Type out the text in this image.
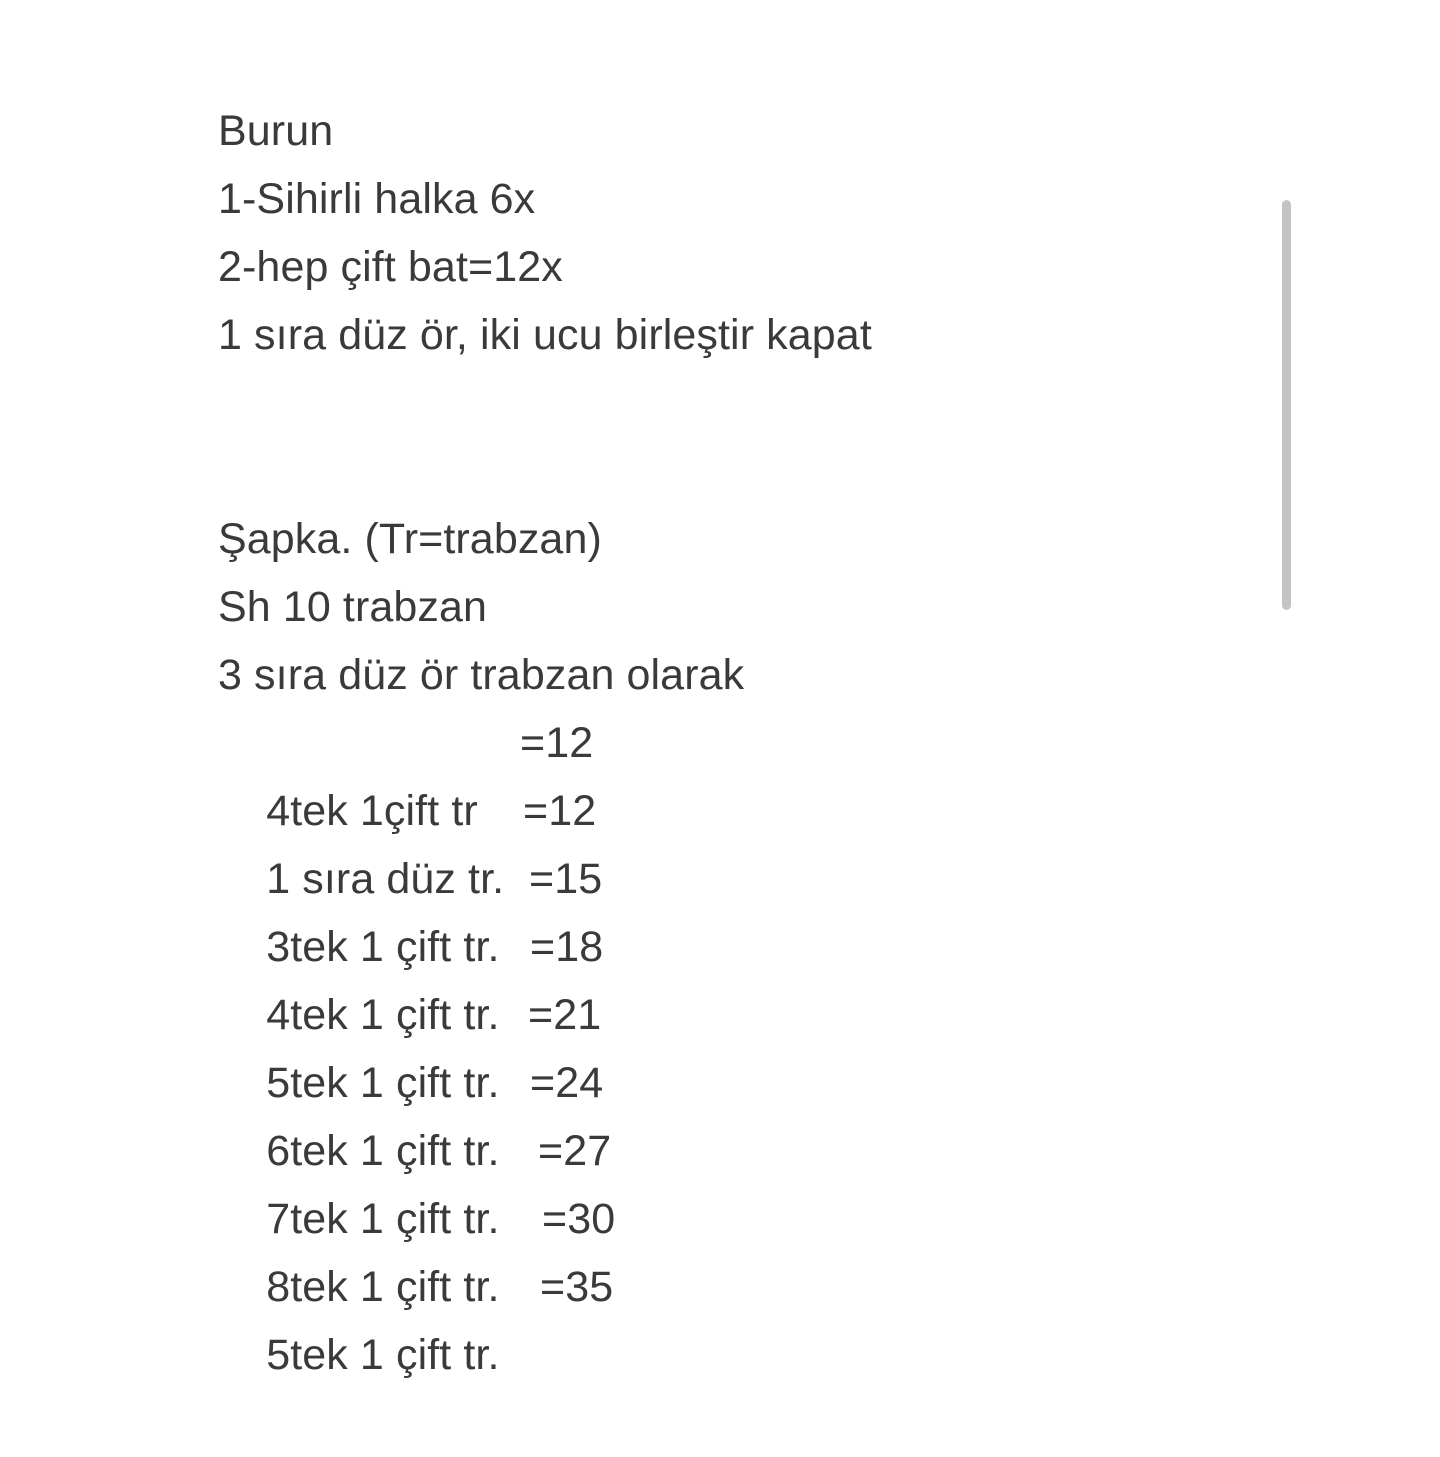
Burun
1-Sihirli halka 6x
2-hep çift bat=12x
1 sıra düz ör, iki ucu birleştir kapat
Şapka. (Tr=trabzan)
Sh 10 trabzan
3 sıra düz ör trabzan olarak

4tek 1çift tr
=12

1 sıra düz tr.
=12

3tek 1 çift tr.
=15

4tek 1 çift tr.
=18

5tek 1 çift tr.
=21

6tek 1 çift tr.
=24

7tek 1 çift tr.
=27

8tek 1 çift tr.
=30

5tek 1 çift tr.
=35
